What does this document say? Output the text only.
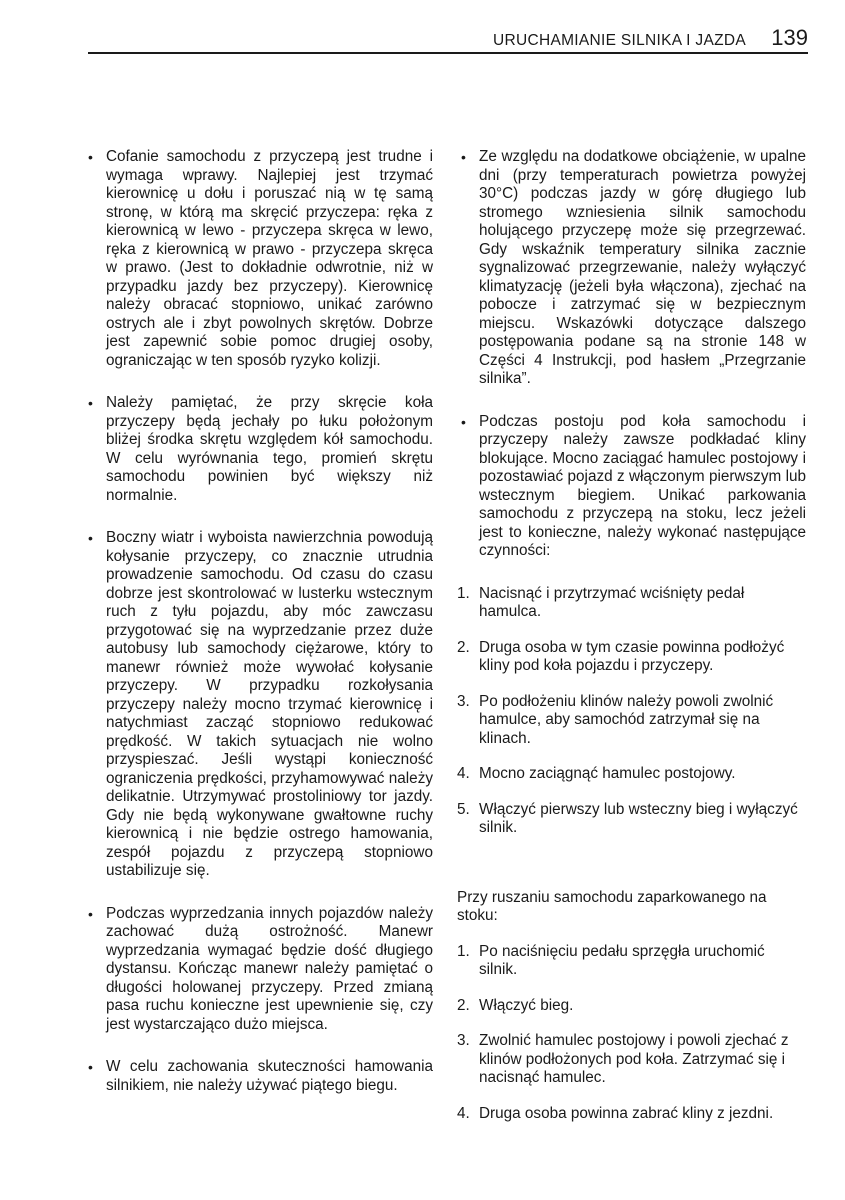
URUCHAMIANIE SILNIKA I JAZDA 139
• Cofanie samochodu z przyczepą jest trudne i wymaga wprawy. Najlepiej jest trzymać kierownicę u dołu i poruszać nią w tę samą stronę, w którą ma skręcić przyczepa: ręka z kierownicą w lewo - przyczepa skręca w lewo, ręka z kierownicą w prawo - przyczepa skręca w prawo. (Jest to dokładnie odwrotnie, niż w przypadku jazdy bez przyczepy). Kierownicę należy obracać stopniowo, unikać zarówno ostrych ale i zbyt powolnych skrętów. Dobrze jest zapewnić sobie pomoc drugiej osoby, ograniczając w ten sposób ryzyko kolizji.
• Należy pamiętać, że przy skręcie koła przyczepy będą jechały po łuku położonym bliżej środka skrętu względem kół samochodu. W celu wyrównania tego, promień skrętu samochodu powinien być większy niż normalnie.
• Boczny wiatr i wyboista nawierzchnia powodują kołysanie przyczepy, co znacznie utrudnia prowadzenie samochodu. Od czasu do czasu dobrze jest skontrolować w lusterku wstecznym ruch z tyłu pojazdu, aby móc zawczasu przygotować się na wyprzedzanie przez duże autobusy lub samochody ciężarowe, który to manewr również może wywołać kołysanie przyczepy. W przypadku rozkołysania przyczepy należy mocno trzymać kierownicę i natychmiast zacząć stopniowo redukować prędkość. W takich sytuacjach nie wolno przyspieszać. Jeśli wystąpi konieczność ograniczenia prędkości, przyhamowywać należy delikatnie. Utrzymywać prostoliniowy tor jazdy. Gdy nie będą wykonywane gwałtowne ruchy kierownicą i nie będzie ostrego hamowania, zespół pojazdu z przyczepą stopniowo ustabilizuje się.
• Podczas wyprzedzania innych pojazdów należy zachować dużą ostrożność. Manewr wyprzedzania wymagać będzie dość długiego dystansu. Kończąc manewr należy pamiętać o długości holowanej przyczepy. Przed zmianą pasa ruchu konieczne jest upewnienie się, czy jest wystarczająco dużo miejsca.
• W celu zachowania skuteczności hamowania silnikiem, nie należy używać piątego biegu.
• Ze względu na dodatkowe obciążenie, w upalne dni (przy temperaturach powietrza powyżej 30°C) podczas jazdy w górę długiego lub stromego wzniesienia silnik samochodu holującego przyczepę może się przegrzewać. Gdy wskaźnik temperatury silnika zacznie sygnalizować przegrzewanie, należy wyłączyć klimatyzację (jeżeli była włączona), zjechać na pobocze i zatrzymać się w bezpiecznym miejscu. Wskazówki dotyczące dalszego postępowania podane są na stronie 148 w Części 4 Instrukcji, pod hasłem „Przegrzanie silnika”.
• Podczas postoju pod koła samochodu i przyczepy należy zawsze podkładać kliny blokujące. Mocno zaciągać hamulec postojowy i pozostawiać pojazd z włączonym pierwszym lub wstecznym biegiem. Unikać parkowania samochodu z przyczepą na stoku, lecz jeżeli jest to konieczne, należy wykonać następujące czynności:
1. Nacisnąć i przytrzymać wciśnięty pedał hamulca.
2. Druga osoba w tym czasie powinna podłożyć kliny pod koła pojazdu i przyczepy.
3. Po podłożeniu klinów należy powoli zwolnić hamulce, aby samochód zatrzymał się na klinach.
4. Mocno zaciągnąć hamulec postojowy.
5. Włączyć pierwszy lub wsteczny bieg i wyłączyć silnik.

Przy ruszaniu samochodu zaparkowanego na stoku:

1. Po naciśnięciu pedału sprzęgła uruchomić silnik.
2. Włączyć bieg.
3. Zwolnić hamulec postojowy i powoli zjechać z klinów podłożonych pod koła. Zatrzymać się i nacisnąć hamulec.
4. Druga osoba powinna zabrać kliny z jezdni.
